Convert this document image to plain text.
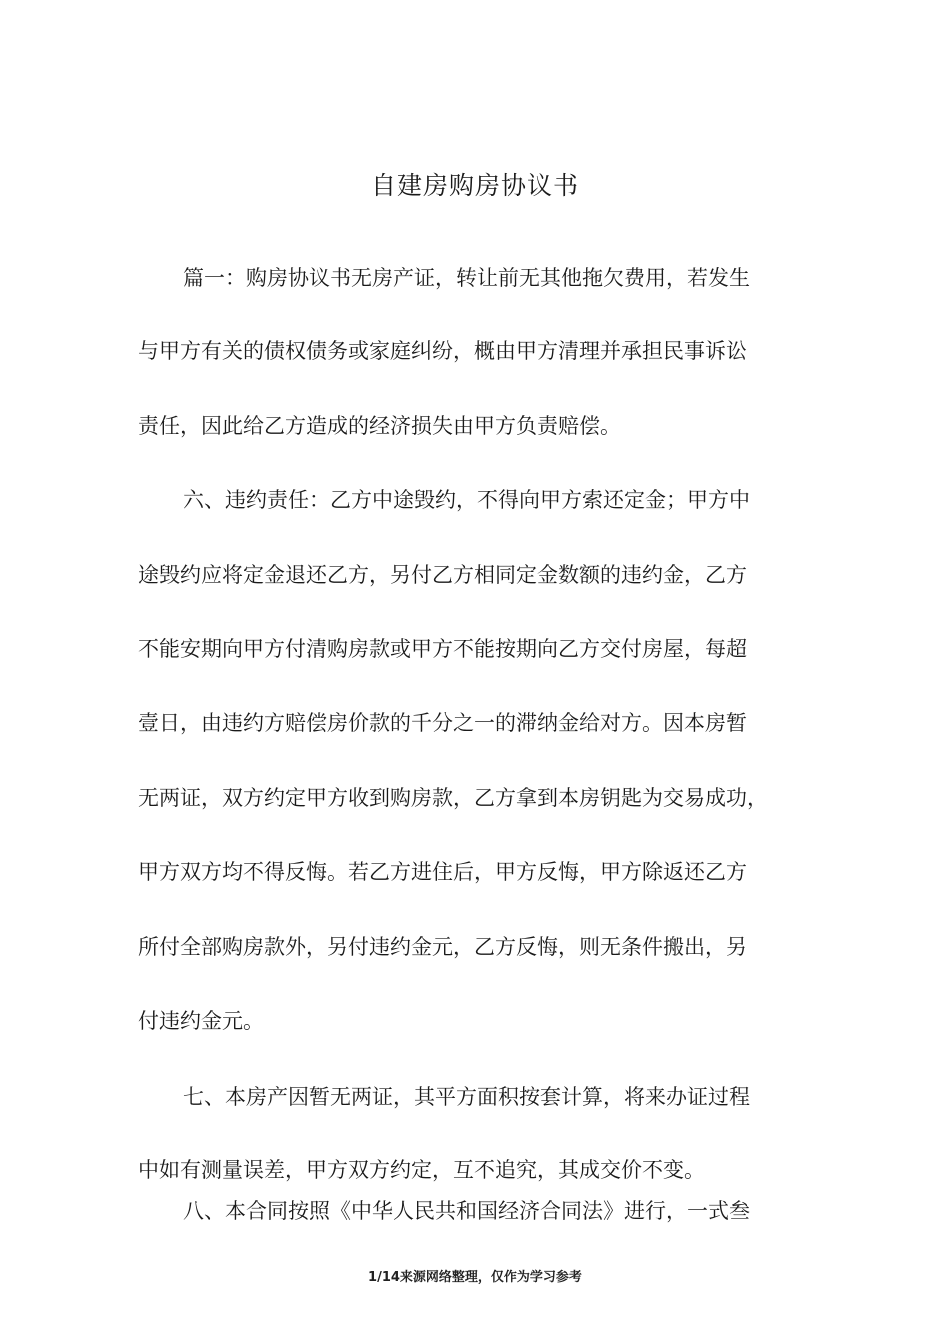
自建房购房协议书
篇一：购房协议书无房产证，转让前无其他拖欠费用，若发生
与甲方有关的债权债务或家庭纠纷，概由甲方清理并承担民事诉讼
责任，因此给乙方造成的经济损失由甲方负责赔偿。
六、违约责任：乙方中途毁约，不得向甲方索还定金；甲方中
途毁约应将定金退还乙方，另付乙方相同定金数额的违约金，乙方
不能安期向甲方付清购房款或甲方不能按期向乙方交付房屋，每超
壹日，由违约方赔偿房价款的千分之一的滞纳金给对方。因本房暂
无两证，双方约定甲方收到购房款，乙方拿到本房钥匙为交易成功，
甲方双方均不得反悔。若乙方进住后，甲方反悔，甲方除返还乙方
所付全部购房款外，另付违约金元，乙方反悔，则无条件搬出，另
付违约金元。
七、本房产因暂无两证，其平方面积按套计算，将来办证过程
中如有测量误差，甲方双方约定，互不追究，其成交价不变。
八、本合同按照《中华人民共和国经济合同法》进行，一式叁
1/14来源网络整理，仅作为学习参考
